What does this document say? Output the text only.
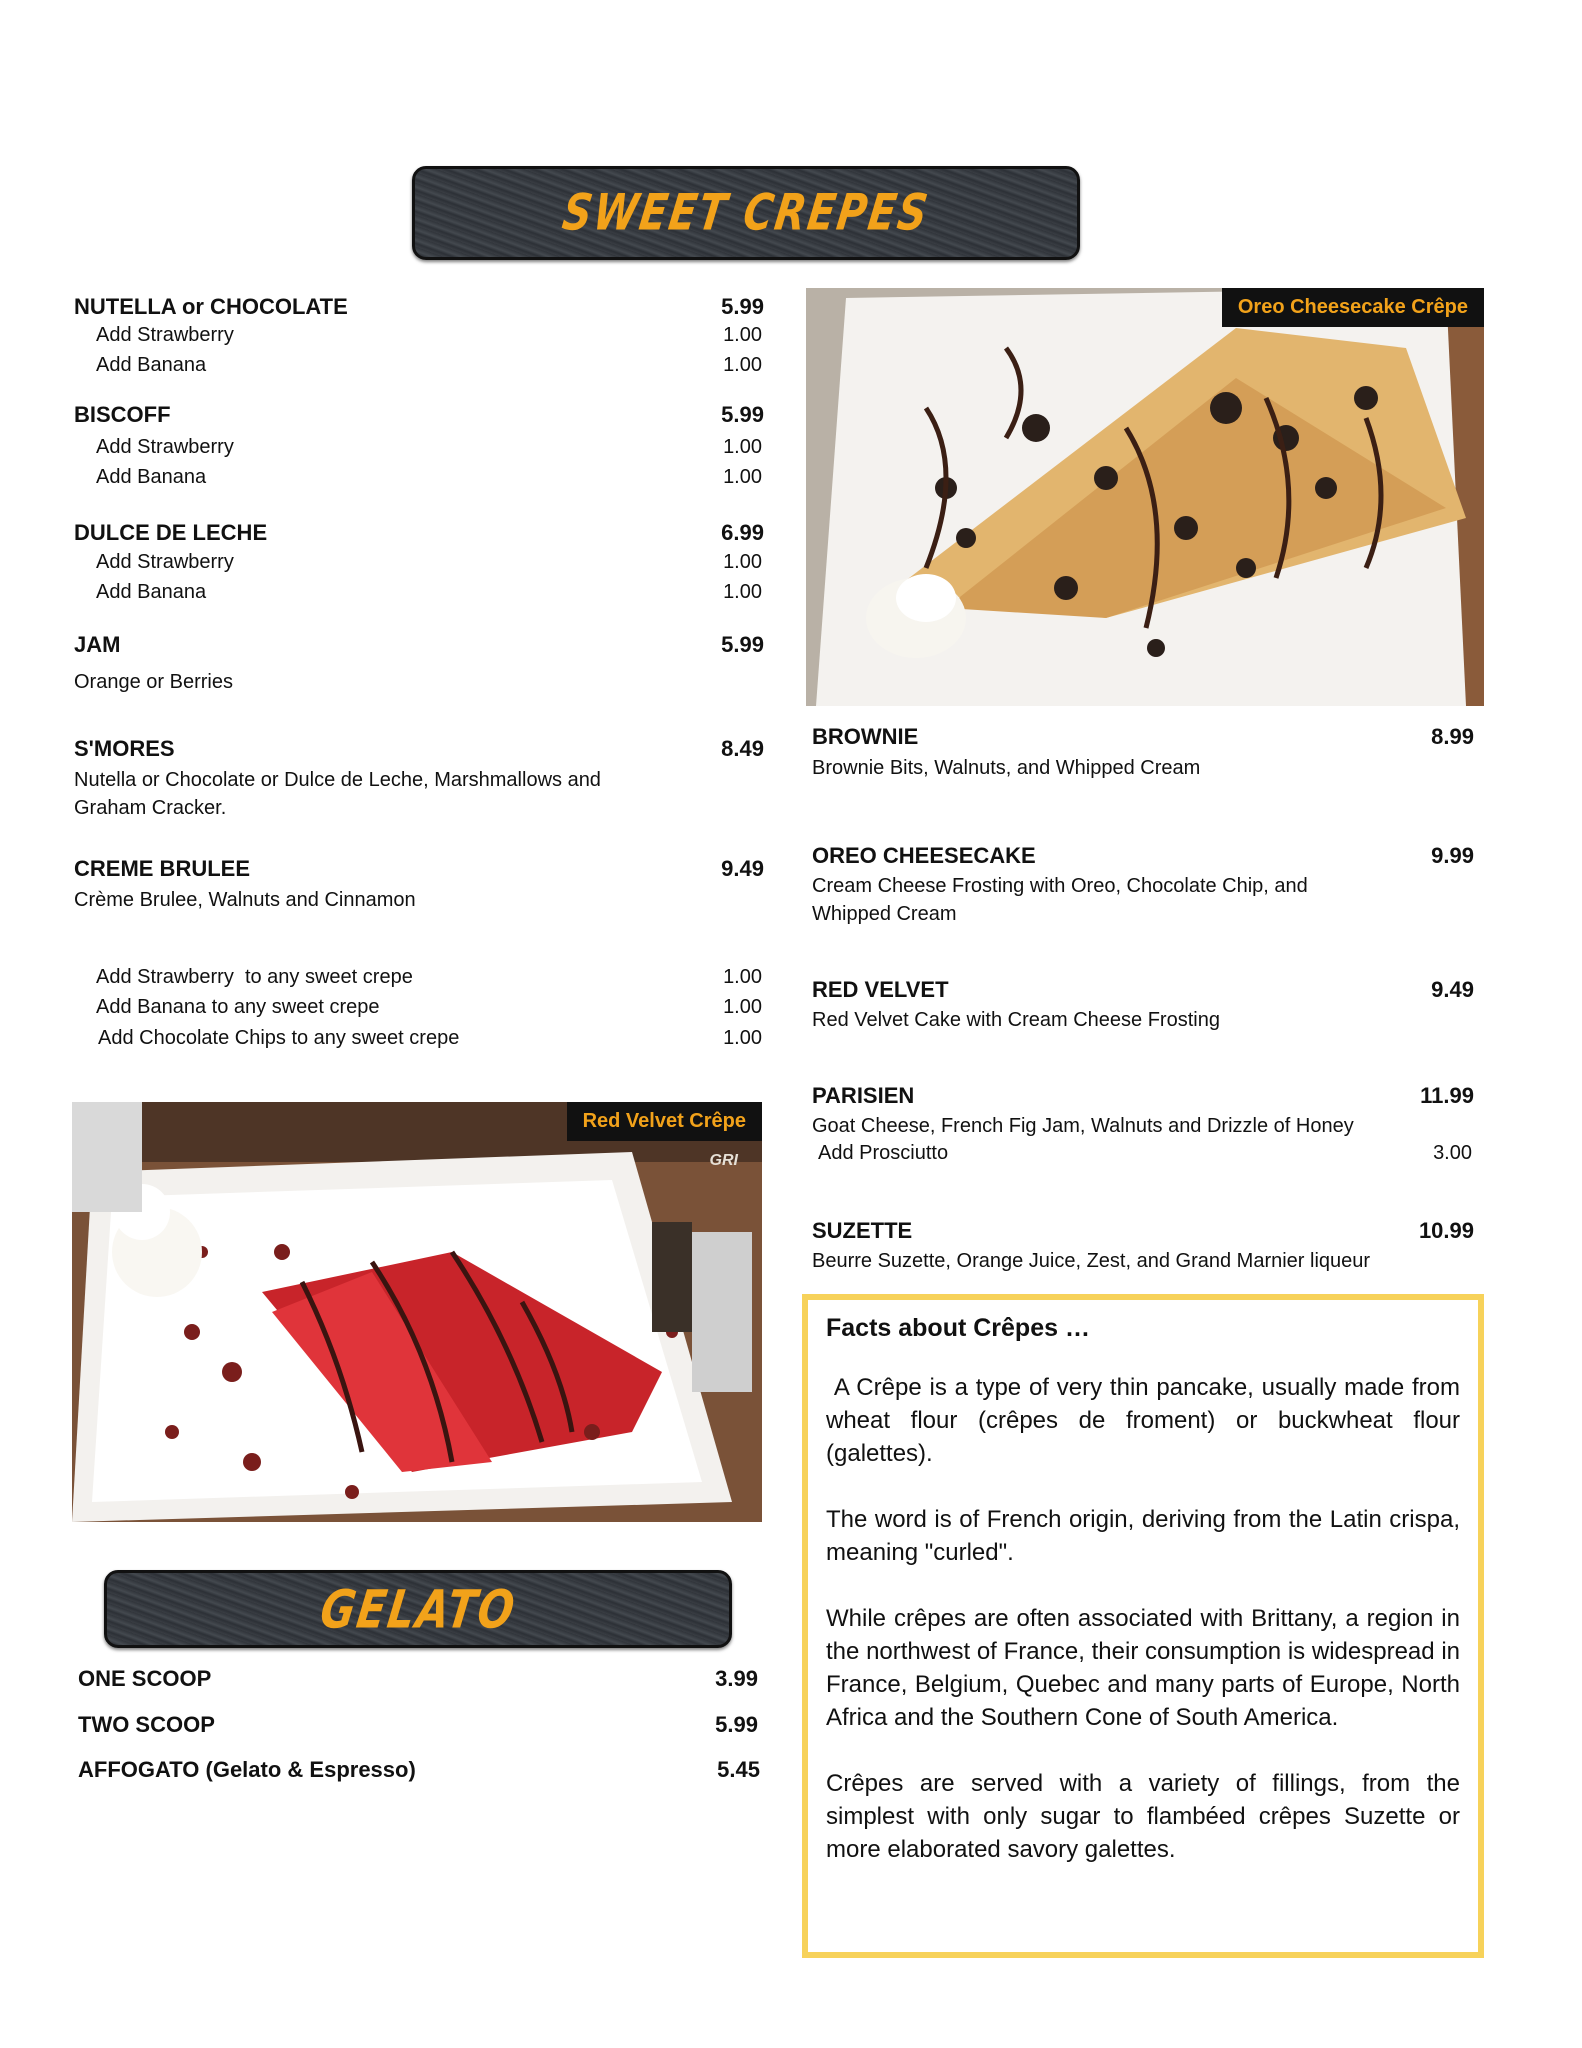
SWEET CREPES
NUTELLA or CHOCOLATE	5.99
Add Strawberry	1.00
Add Banana	1.00
BISCOFF	5.99
Add Strawberry	1.00
Add Banana	1.00
DULCE DE LECHE	6.99
Add Strawberry	1.00
Add Banana	1.00
JAM	5.99
Orange or Berries
S'MORES	8.49
Nutella or Chocolate or Dulce de Leche, Marshmallows and
Graham Cracker.
CREME BRULEE	9.49
Crème Brulee, Walnuts and Cinnamon
Add Strawberry  to any sweet crepe	1.00
Add Banana to any sweet crepe	1.00
Add Chocolate Chips to any sweet crepe	1.00
Oreo Cheesecake Crêpe
BROWNIE	8.99
Brownie Bits, Walnuts, and Whipped Cream
OREO CHEESECAKE	9.99
Cream Cheese Frosting with Oreo, Chocolate Chip, and
Whipped Cream
RED VELVET	9.49
Red Velvet Cake with Cream Cheese Frosting
PARISIEN	11.99
Goat Cheese, French Fig Jam, Walnuts and Drizzle of Honey
Add Prosciutto	3.00
SUZETTE	10.99
Beurre Suzette, Orange Juice, Zest, and Grand Marnier liqueur
Red Velvet Crêpe
GRI
GELATO
ONE SCOOP	3.99
TWO SCOOP	5.99
AFFOGATO (Gelato & Espresso)	5.45
Facts about Crêpes …

A Crêpe is a type of very thin pancake, usually made from wheat flour (crêpes de froment) or buckwheat flour (galettes).

The word is of French origin, deriving from the Latin crispa, meaning "curled".

While crêpes are often associated with Brittany, a region in the northwest of France, their consumption is widespread in France, Belgium, Quebec and many parts of Europe, North Africa and the Southern Cone of South America.

Crêpes are served with a variety of fillings, from the simplest with only sugar to flambéed crêpes Suzette or more elaborated savory galettes.
